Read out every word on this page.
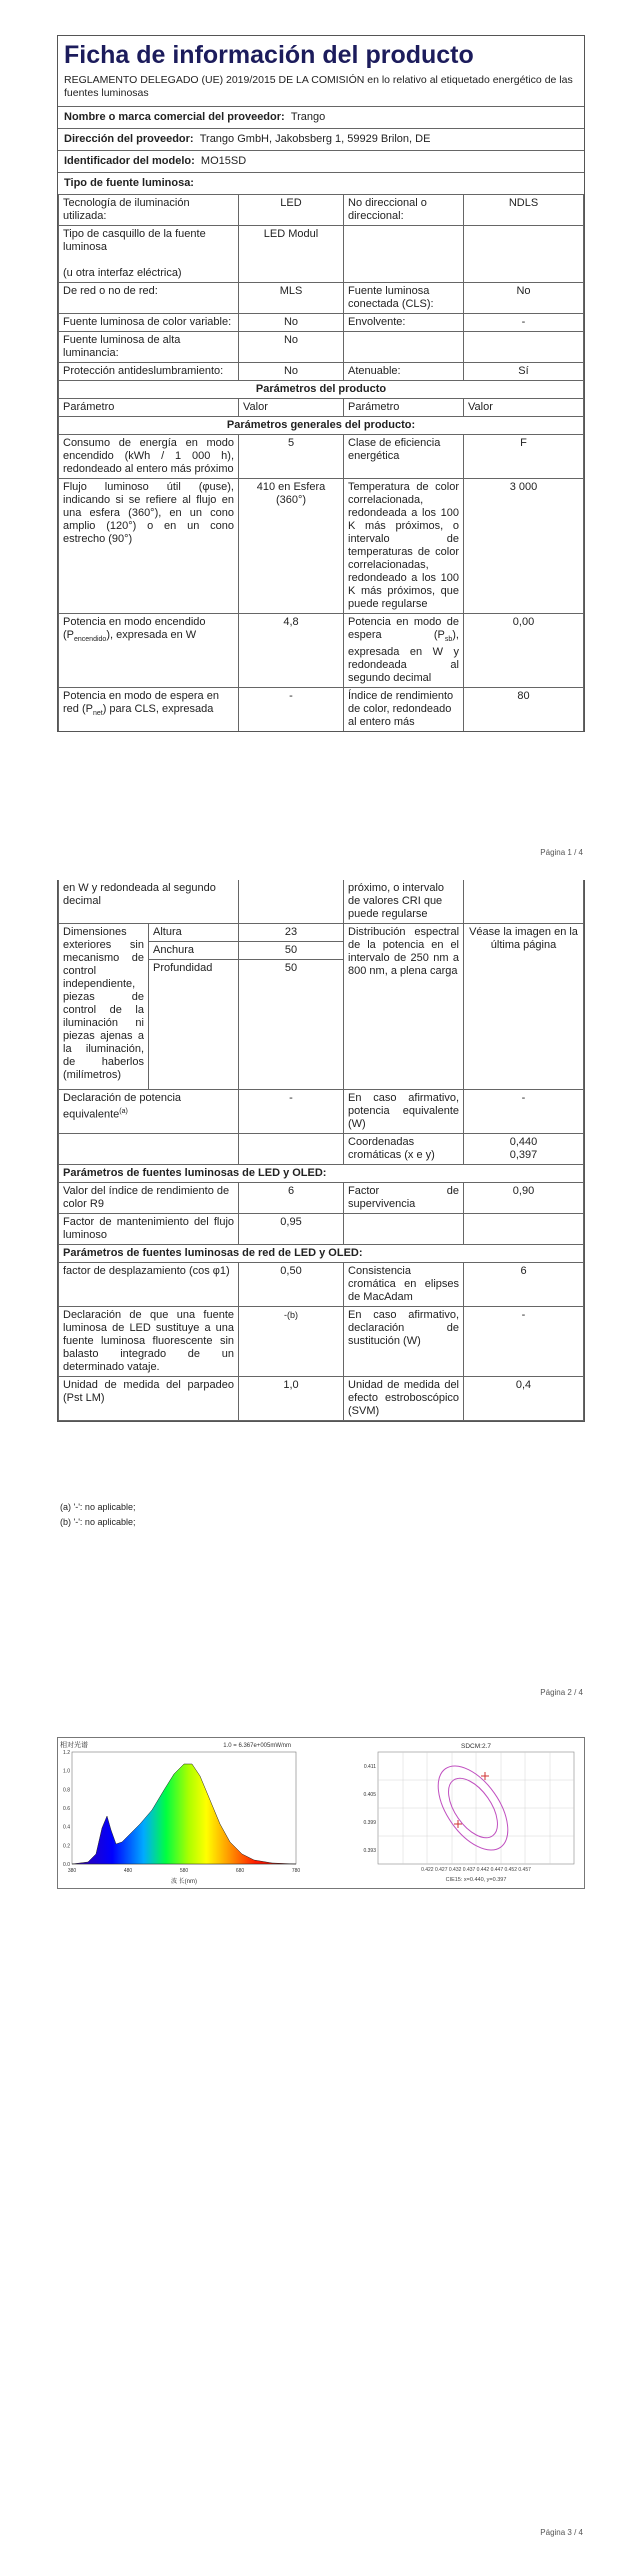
Ficha de información del producto
REGLAMENTO DELEGADO (UE) 2019/2015 DE LA COMISIÓN en lo relativo al etiquetado energético de las fuentes luminosas
Nombre o marca comercial del proveedor: Trango
Dirección del proveedor: Trango GmbH, Jakobsberg 1, 59929 Brilon, DE
Identificador del modelo: MO15SD
Tipo de fuente luminosa:
Tecnología de iluminación utilizada:	LED	No direccional o direccional:	NDLS
Tipo de casquillo de la fuente luminosa

(u otra interfaz eléctrica)	LED Modul		
De red o no de red:	MLS	Fuente luminosa conectada (CLS):	No
Fuente luminosa de color variable:	No	Envolvente:	-
Fuente luminosa de alta luminancia:	No		
Protección antideslumbramiento:	No	Atenuable:	Sí
Parámetros del producto			
Parámetro	Valor	Parámetro	Valor
Parámetros generales del producto:			
Consumo de energía en modo encendido (kWh / 1 000 h), redondeado al entero más próximo	5	Clase de eficiencia energética	F
Flujo luminoso útil (φuse), indicando si se refiere al flujo en una esfera (360°), en un cono amplio (120°) o en un cono estrecho (90°)	410 en Esfera (360°)	Temperatura de color correlacionada, redondeada a los 100 K más próximos, o intervalo de temperaturas de color correlacionadas, redondeado a los 100 K más próximos, que puede regularse	3 000
Potencia en modo encendido $(P_{encendido})$, expresada en W	4,8	Potencia en modo de espera $(P_{sb})$, expresada en W y redondeada al segundo decimal	0,00
Potencia en modo de espera en red $(P_{net})$ para CLS, expresada	-	Índice de rendimiento de color, redondeado al entero más	80
Página 1 / 4
en W y redondeada al segundo decimal			próximo, o intervalo de valores CRI que puede regularse	
Dimensiones exteriores sin mecanismo de control independiente, piezas de control de la iluminación ni piezas ajenas a la iluminación, de haberlos (milímetros)	Altura	23	Distribución espectral de la potencia en el intervalo de 250 nm a 800 nm, a plena carga	Véase la imagen en la última página
	Anchura	50		
	Profundidad	50		
Declaración de potencia equivalente$^{(a)}$		-	En caso afirmativo, potencia equivalente (W)	-
			Coordenadas cromáticas (x e y)	0,440
0,397
Parámetros de fuentes luminosas de LED y OLED:				
Valor del índice de rendimiento de color R9		6	Factor de supervivencia	0,90
Factor de mantenimiento del flujo luminoso		0,95		
Parámetros de fuentes luminosas de red de LED y OLED:				
factor de desplazamiento (cos φ1)		0,50	Consistencia cromática en elipses de MacAdam	6
Declaración de que una fuente luminosa de LED sustituye a una fuente luminosa fluorescente sin balasto integrado de un determinado vataje.		-(b)	En caso afirmativo, declaración de sustitución (W)	-
Unidad de medida del parpadeo (Pst LM)		1,0	Unidad de medida del efecto estroboscópico (SVM)	0,4
(a) '-': no aplicable;
(b) '-': no aplicable;
Página 2 / 4
相对光谱	1.0 = 6.367e+005mW/nm
0.0
0.2
0.4
0.6
0.8
1.0
1.2
380	480	580	680	780
波 长(nm)
SDCM:2.7
0.411
0.405
0.399
0.393
0.422 0.427 0.432 0.437 0.442 0.447 0.452 0.457
CIE15: x=0.440, y=0.397
Página 3 / 4
